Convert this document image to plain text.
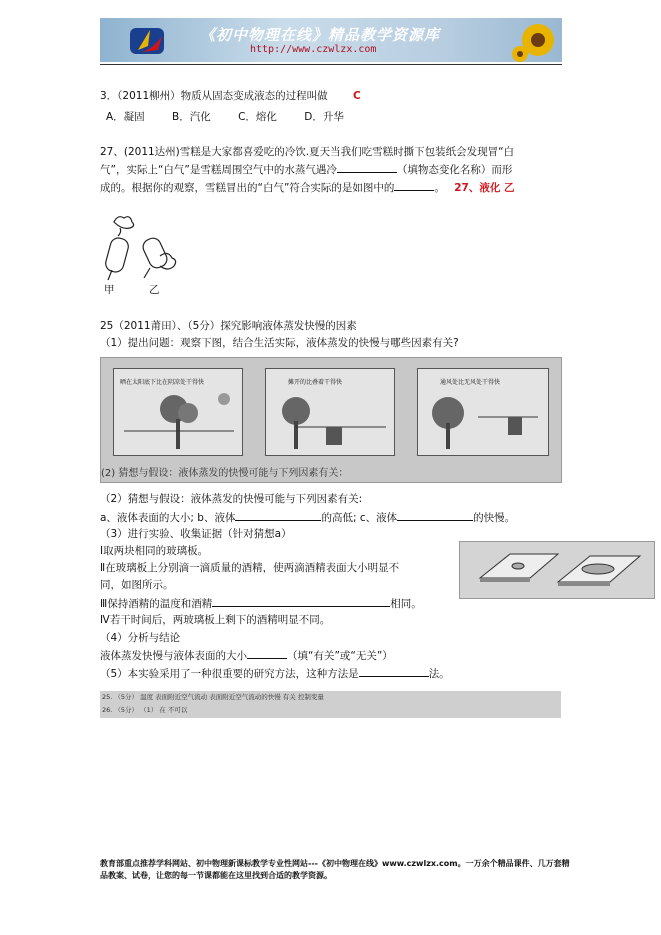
《初中物理在线》精品教学资源库
http://www.czwlzx.com
3．（2011柳州）物质从固态变成液态的过程叫做 C
A．凝固	B．汽化	C．熔化	D．升华
27、(2011达州)雪糕是大家都喜爱吃的冷饮.夏天当我们吃雪糕时撕下包装纸会发现冒“白
气”，实际上“白气”是雪糕周围空气中的水蒸气遇冷	（填物态变化名称）而形
成的。根据你的观察，雪糕冒出的“白气”符合实际的是如图中的	。 27、液化 乙
甲	乙
25（2011莆田）、（5分）探究影响液体蒸发快慢的因素
（1）提出问题：观察下图，结合生活实际，液体蒸发的快慢与哪些因素有关?
晒在太阳底下比在阴凉处干得快	摊开的比叠着干得快	通风处比无风处干得快
(2) 猜想与假设：液体蒸发的快慢可能与下列因素有关：
（2）猜想与假设：液体蒸发的快慢可能与下列因素有关:
a、液体表面的大小; b、液体	的高低; c、液体	的快慢。
（3）进行实验、收集证据（针对猜想a）
Ⅰ取两块相同的玻璃板。
Ⅱ在玻璃板上分别滴一滴质量的酒精，使两滴酒精表面大小明显不
同，如图所示。
Ⅲ保持酒精的温度和酒精	相同。
Ⅳ若干时间后，两玻璃板上剩下的酒精明显不同。
（4）分析与结论
液体蒸发快慢与液体表面的大小	（填“有关”或“无关”）
（5）本实验采用了一种很重要的研究方法，这种方法是	法。
25. （5分） 温度 表面附近空气流动 表面附近空气流动的快慢 有关 控制变量
26. （5分） （1） 在 不可以
教育部重点推荐学科网站、初中物理新课标教学专业性网站---《初中物理在线》www.czwlzx.com。一万余个精品课件、几万套精品教案、试卷，让您的每一节课都能在这里找到合适的教学资源。
